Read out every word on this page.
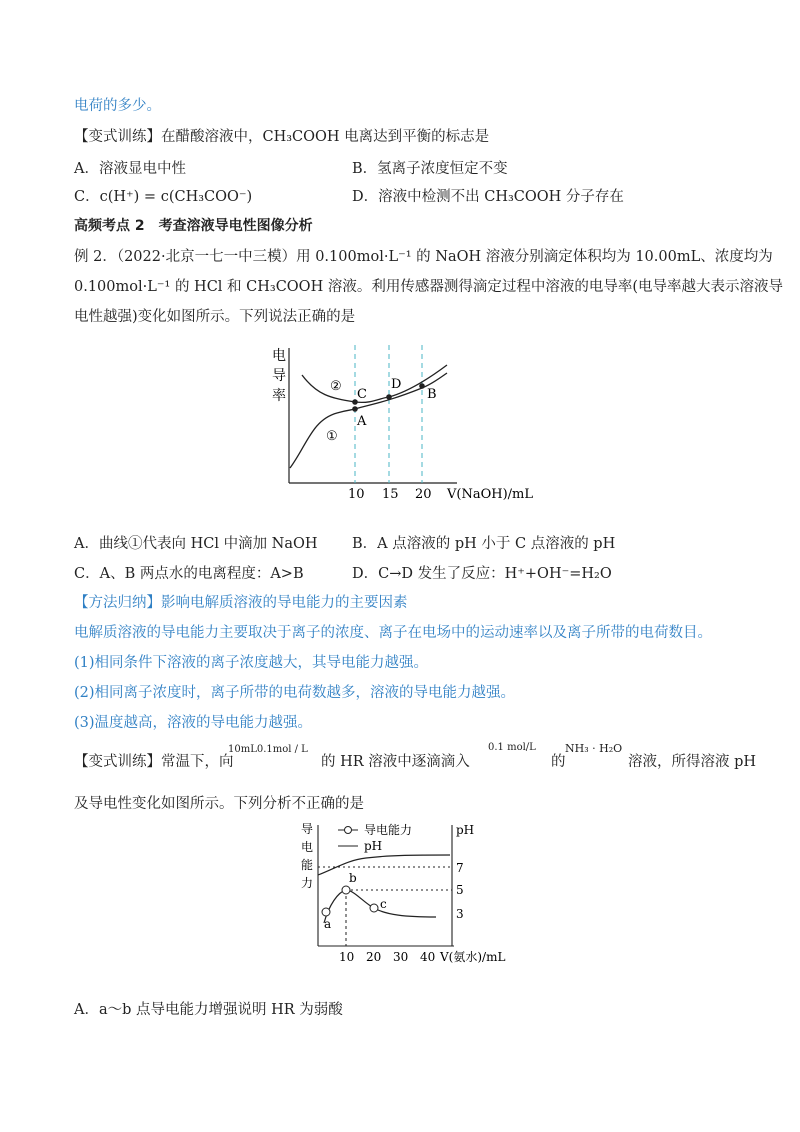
电荷的多少。
【变式训练】在醋酸溶液中，CH₃COOH 电离达到平衡的标志是
A．溶液显电中性	B．氢离子浓度恒定不变
C．c(H⁺) = c(CH₃COO⁻)	D．溶液中检测不出 CH₃COOH 分子存在
高频考点 2　考查溶液导电性图像分析
例 2．（2022·北京一七一中三模）用 0.100mol·L⁻¹ 的 NaOH 溶液分别滴定体积均为 10.00mL、浓度均为
0.100mol·L⁻¹ 的 HCl 和 CH₃COOH 溶液。利用传感器测得滴定过程中溶液的电导率(电导率越大表示溶液导
电性越强)变化如图所示。下列说法正确的是
电
导
率	C
A
D
B
②
①
10 15 20 V(NaOH)/mL
A．曲线①代表向 HCl 中滴加 NaOH B．A 点溶液的 pH 小于 C 点溶液的 pH
C．A、B 两点水的电离程度：A>B	D．C→D 发生了反应：H⁺+OH⁻=H₂O
【方法归纳】影响电解质溶液的导电能力的主要因素
电解质溶液的导电能力主要取决于离子的浓度、离子在电场中的运动速率以及离子所带的电荷数目。
(1)相同条件下溶液的离子浓度越大，其导电能力越强。
(2)相同离子浓度时，离子所带的电荷数越多，溶液的导电能力越强。
(3)温度越高，溶液的导电能力越强。
【变式训练】常温下，向
10mL0.1mol / L
的 HR 溶液中逐滴滴入
0.1 mol/L
的
NH₃ · H₂O
溶液，所得溶液 pH
及导电性变化如图所示。下列分析不正确的是
导
电
能
力
导电能力
pH
pH
a
b
c
7
5
3
10 20 30 40 V(氨水)/mL
A．a～b 点导电能力增强说明 HR 为弱酸
